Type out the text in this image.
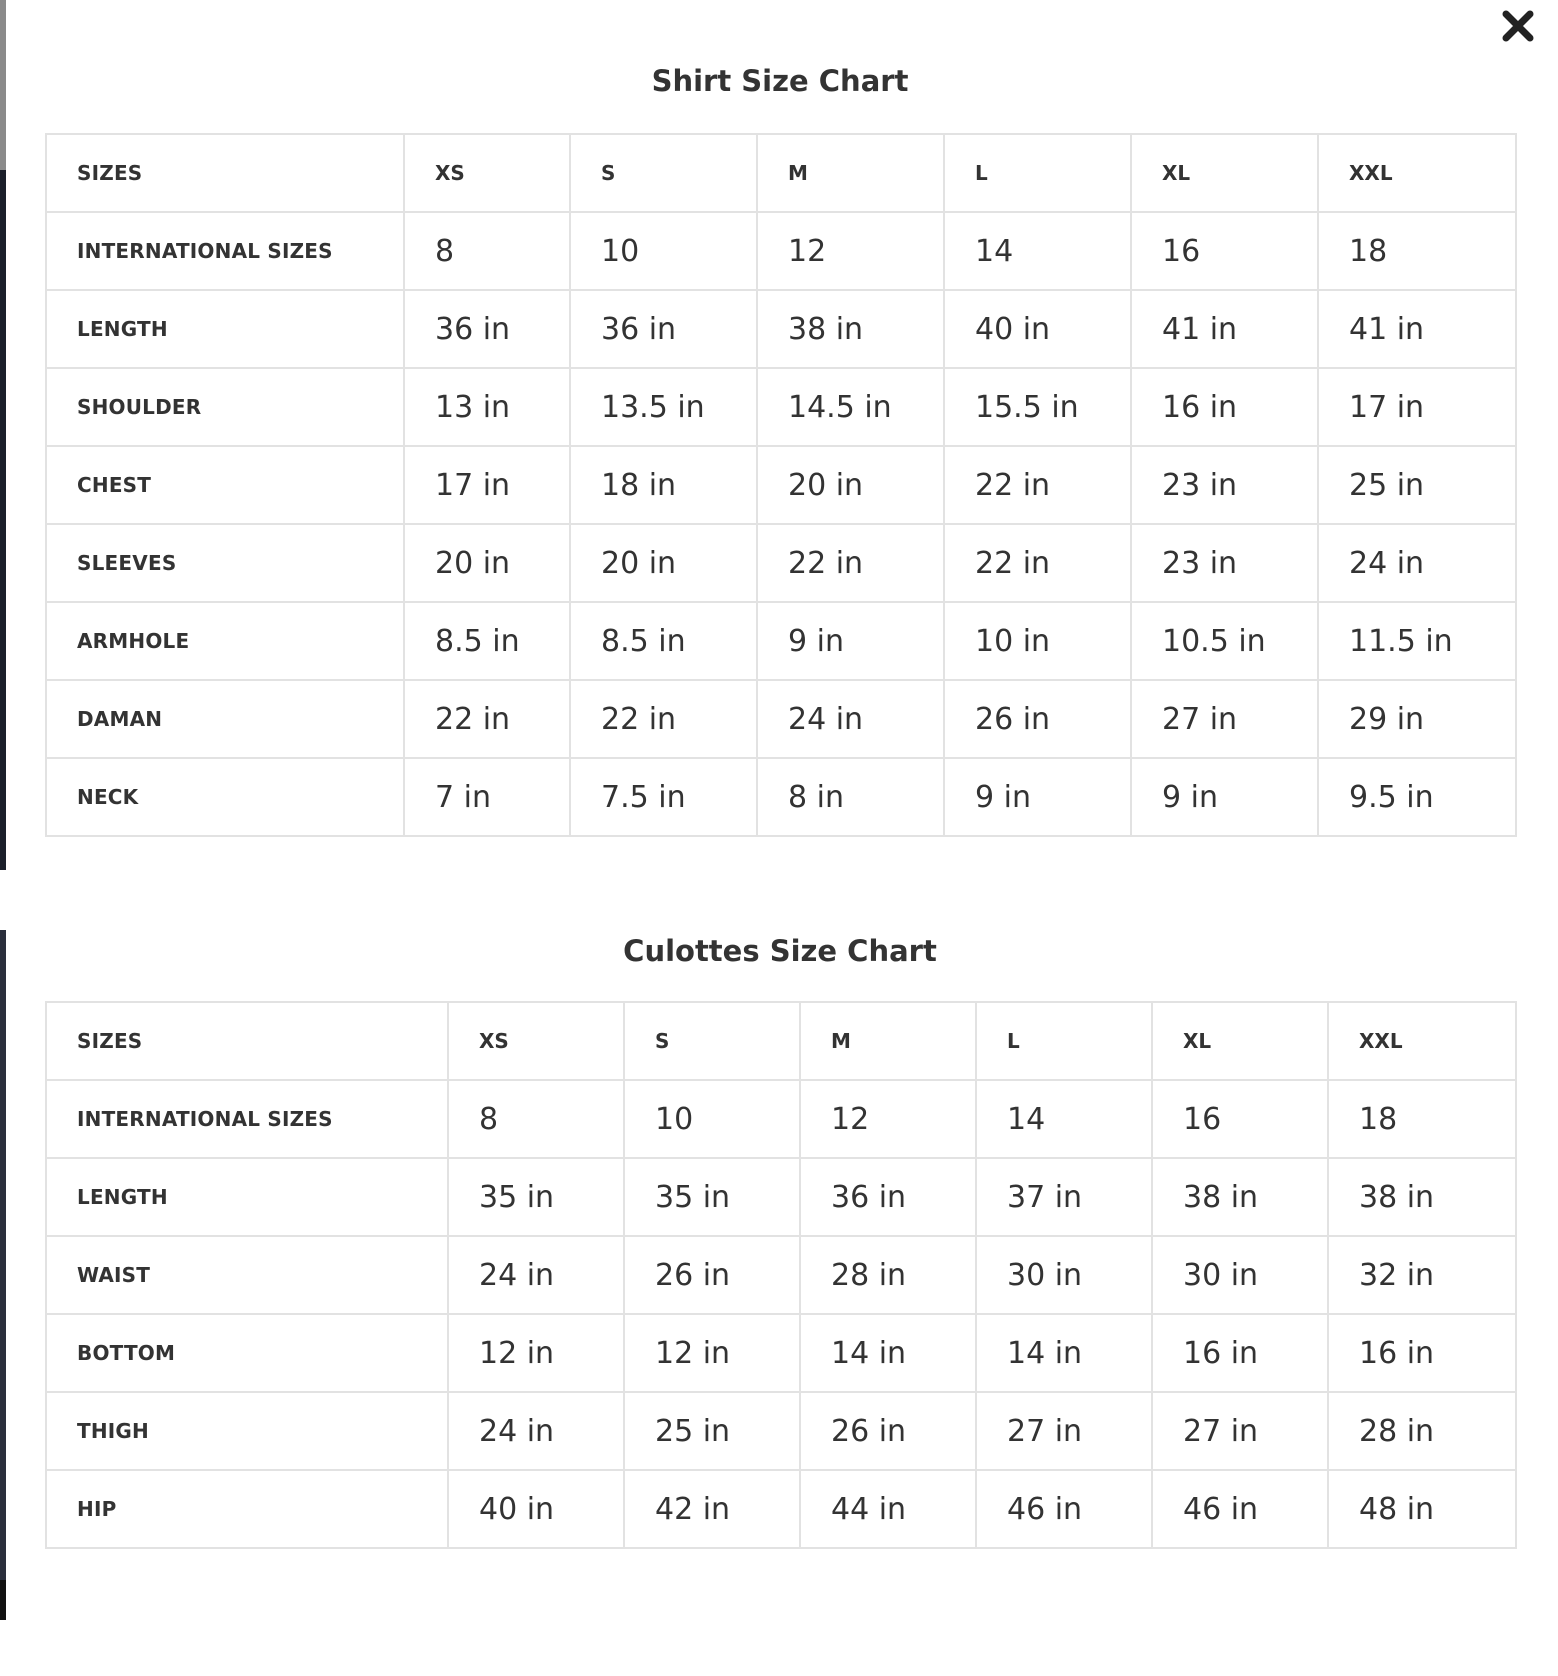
Shirt Size Chart
SIZES	XS	S	M	L	XL	XXL
INTERNATIONAL SIZES	8	10	12	14	16	18
LENGTH	36 in	36 in	38 in	40 in	41 in	41 in
SHOULDER	13 in	13.5 in	14.5 in	15.5 in	16 in	17 in
CHEST	17 in	18 in	20 in	22 in	23 in	25 in
SLEEVES	20 in	20 in	22 in	22 in	23 in	24 in
ARMHOLE	8.5 in	8.5 in	9 in	10 in	10.5 in	11.5 in
DAMAN	22 in	22 in	24 in	26 in	27 in	29 in
NECK	7 in	7.5 in	8 in	9 in	9 in	9.5 in
Culottes Size Chart
SIZES	XS	S	M	L	XL	XXL
INTERNATIONAL SIZES	8	10	12	14	16	18
LENGTH	35 in	35 in	36 in	37 in	38 in	38 in
WAIST	24 in	26 in	28 in	30 in	30 in	32 in
BOTTOM	12 in	12 in	14 in	14 in	16 in	16 in
THIGH	24 in	25 in	26 in	27 in	27 in	28 in
HIP	40 in	42 in	44 in	46 in	46 in	48 in
